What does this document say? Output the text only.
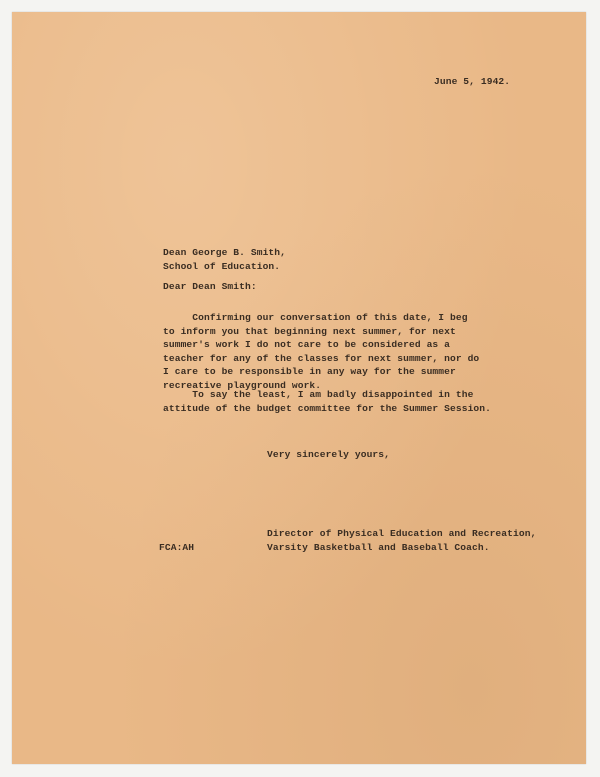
June 5, 1942.
Dean George B. Smith,
School of Education.
Dear Dean Smith:
Confirming our conversation of this date, I beg
to inform you that beginning next summer, for next
summer's work I do not care to be considered as a
teacher for any of the classes for next summer, nor do
I care to be responsible in any way for the summer
recreative playground work.
To say the least, I am badly disappointed in the
attitude of the budget committee for the Summer Session.
Very sincerely yours,
Director of Physical Education and Recreation,
Varsity Basketball and Baseball Coach.
FCA:AH
